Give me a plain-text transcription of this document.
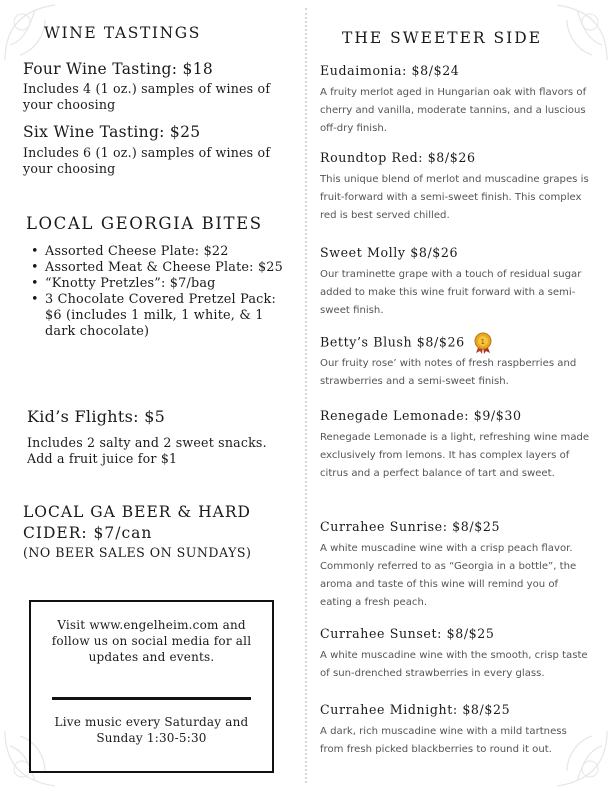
WINE TASTINGS
Four Wine Tasting: $18
Includes 4 (1 oz.) samples of wines of your choosing
Six Wine Tasting: $25
Includes 6 (1 oz.) samples of wines of your choosing
LOCAL GEORGIA BITES
• Assorted Cheese Plate: $22
• Assorted Meat & Cheese Plate: $25
• “Knotty Pretzles”: $7/bag
• 3 Chocolate Covered Pretzel Pack: $6 (includes 1 milk, 1 white, & 1 dark chocolate)
Kid’s Flights: $5
Includes 2 salty and 2 sweet snacks. Add a fruit juice for $1
LOCAL GA BEER & HARD CIDER: $7/can
(NO BEER SALES ON SUNDAYS)
Visit www.engelheim.com and follow us on social media for all updates and events.
Live music every Saturday and Sunday 1:30-5:30
THE SWEETER SIDE
Eudaimonia: $8/$24
A fruity merlot aged in Hungarian oak with flavors of cherry and vanilla, moderate tannins, and a luscious off-dry finish.
Roundtop Red: $8/$26
This unique blend of merlot and muscadine grapes is fruit-forward with a semi-sweet finish. This complex red is best served chilled.
Sweet Molly $8/$26
Our traminette grape with a touch of residual sugar added to make this wine fruit forward with a semi-sweet finish.
Betty’s Blush $8/$26 1
Our fruity rose’ with notes of fresh raspberries and strawberries and a semi-sweet finish.
Renegade Lemonade: $9/$30
Renegade Lemonade is a light, refreshing wine made exclusively from lemons. It has complex layers of citrus and a perfect balance of tart and sweet.
Currahee Sunrise: $8/$25
A white muscadine wine with a crisp peach flavor. Commonly referred to as “Georgia in a bottle”, the aroma and taste of this wine will remind you of eating a fresh peach.
Currahee Sunset: $8/$25
A white muscadine wine with the smooth, crisp taste of sun-drenched strawberries in every glass.
Currahee Midnight: $8/$25
A dark, rich muscadine wine with a mild tartness from fresh picked blackberries to round it out.
